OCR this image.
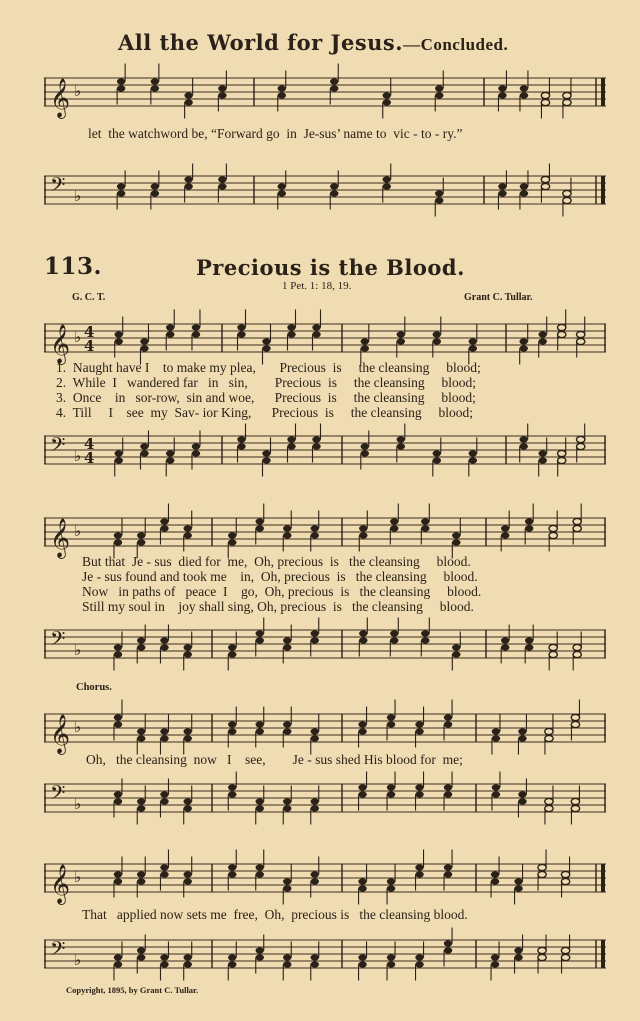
All the World for Jesus.—Concluded.
𝄞 ♭
let  the watchword be, “Forward go  in  Je-sus’ name to  vic - to - ry.”
𝄢 ♭
113.	Precious is the Blood.
1 Pet. 1: 18, 19.
G. C. T.	Grant C. Tullar.
𝄞 ♭ 4
4
1.  Naught have I    to make my plea,       Precious  is     the cleansing     blood;
2.  While  I   wandered far   in   sin,        Precious  is     the cleansing     blood;
3.  Once    in   sor-row,  sin and woe,      Precious  is     the cleansing     blood;
4.  Till     I    see  my  Sav- ior King,      Precious  is     the cleansing     blood;
𝄢 ♭
4
4
𝄞 ♭
But that  Je - sus  died for  me,  Oh, precious  is   the cleansing     blood.
Je - sus found and took me    in,  Oh, precious  is   the cleansing     blood.
Now   in paths of   peace  I    go,  Oh, precious  is   the cleansing     blood.
Still my soul in    joy shall sing, Oh, precious  is   the cleansing     blood.
𝄢 ♭
Chorus.
𝄞 ♭
Oh,   the cleansing  now   I    see,        Je - sus shed His blood for  me;
𝄢 ♭
𝄞 ♭
That   applied now sets me  free,  Oh,  precious is   the cleansing blood.
𝄢 ♭
Copyright, 1895, by Grant C. Tullar.
